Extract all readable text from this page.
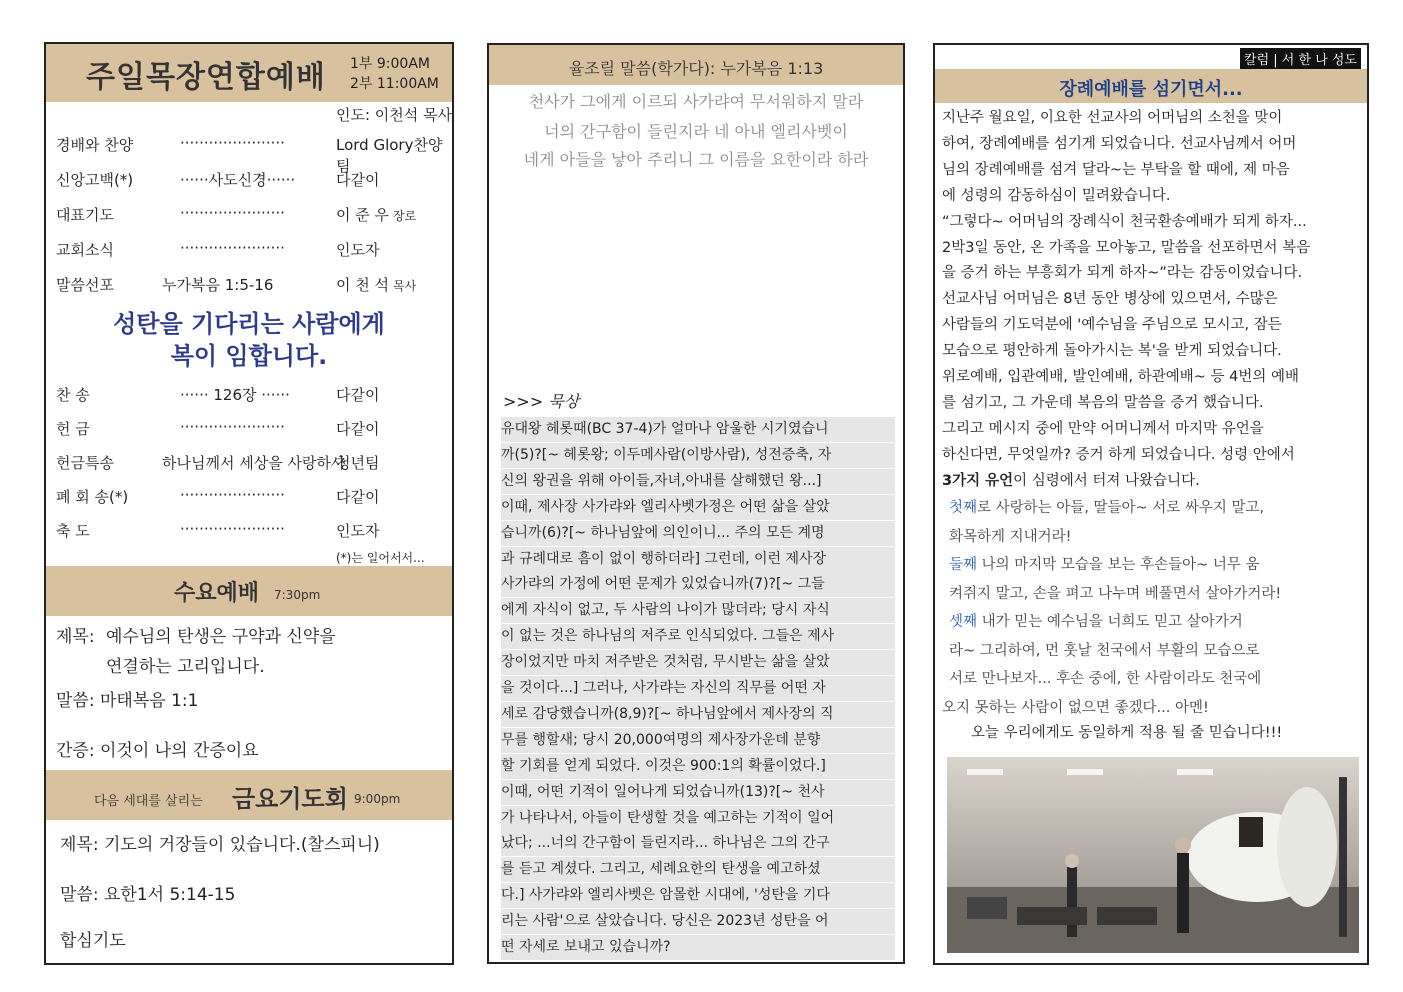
주일목장연합예배 1부 9:00AM
2부 11:00AM
인도: 이천석 목사
경배와 찬양	······················	Lord Glory찬양팀
신앙고백(*)	······사도신경······	다같이
대표기도	······················	이 준 우 장로
교회소식	······················	인도자
말씀선포	누가복음 1:5-16	이 천 석 목사
성탄을 기다리는 사람에게
복이 임합니다.
찬 송	······ 126장 ······	다같이
헌 금	······················	다같이
헌금특송	하나님께서 세상을 사랑하사
청년팀
폐 회 송(*)	······················	다같이
축 도	······················	인도자
(*)는 일어서서...
수요예배 7:30pm
제목: 예수님의 탄생은 구약과 신약을
연결하는 고리입니다.
말씀: 마태복음 1:1
간증: 이것이 나의 간증이요
다음 세대를 살리는 금요기도회 9:00pm
제목: 기도의 거장들이 있습니다.(찰스피니)
말씀: 요한1서 5:14-15
합심기도
율조릴 말씀(학가다): 누가복음 1:13
천사가 그에게 이르되 사가랴여 무서워하지 말라
너의 간구함이 들린지라 네 아내 엘리사벳이
네게 아들을 낳아 주리니 그 이름을 요한이라 하라
>>> 묵상
유대왕 헤롯때(BC 37-4)가 얼마나 암울한 시기였습니
까(5)?[~ 헤롯왕; 이두메사람(이방사람), 성전증축, 자
신의 왕권을 위해 아이들,자녀,아내를 살해했던 왕...]
이때, 제사장 사가랴와 엘리사벳가정은 어떤 삶을 살았
습니까(6)?[~ 하나님앞에 의인이니... 주의 모든 계명
과 규례대로 흠이 없이 행하더라] 그런데, 이런 제사장
사가랴의 가정에 어떤 문제가 있었습니까(7)?[~ 그들
에게 자식이 없고, 두 사람의 나이가 많더라; 당시 자식
이 없는 것은 하나님의 저주로 인식되었다. 그들은 제사
장이었지만 마치 저주받은 것처럼, 무시받는 삶을 살았
을 것이다...] 그러나, 사가랴는 자신의 직무를 어떤 자
세로 감당했습니까(8,9)?[~ 하나님앞에서 제사장의 직
무를 행할새; 당시 20,000여명의 제사장가운데 분향
할 기회를 얻게 되었다. 이것은 900:1의 확률이었다.]
이때, 어떤 기적이 일어나게 되었습니까(13)?[~ 천사
가 나타나서, 아들이 탄생할 것을 예고하는 기적이 일어
났다; ...너의 간구함이 들린지라... 하나님은 그의 간구
를 듣고 계셨다. 그리고, 세례요한의 탄생을 예고하셨
다.] 사가랴와 엘리사벳은 암몰한 시대에, '성탄을 기다
리는 사람'으로 살았습니다. 당신은 2023년 성탄을 어
떤 자세로 보내고 있습니까?
칼럼 | 서 한 나 성도
장례예배를 섬기면서...
지난주 월요일, 이요한 선교사의 어머님의 소천을 맞이
하여, 장례예배를 섬기게 되었습니다. 선교사님께서 어머
님의 장례예배를 섬겨 달라~는 부탁을 할 때에, 제 마음
에 성령의 감동하심이 밀려왔습니다.
“그렇다~ 어머님의 장례식이 천국환송예배가 되게 하자...
2박3일 동안, 온 가족을 모아놓고, 말씀을 선포하면서 복음
을 증거 하는 부흥회가 되게 하자~”라는 감동이었습니다.
선교사님 어머님은 8년 동안 병상에 있으면서, 수많은
사람들의 기도덕분에 '예수님을 주님으로 모시고, 잠든
모습으로 평안하게 돌아가시는 복'을 받게 되었습니다.
위로예배, 입관예배, 발인예배, 하관예배~ 등 4번의 예배
를 섬기고, 그 가운데 복음의 말씀을 증거 했습니다.
그리고 메시지 중에 만약 어머니께서 마지막 유언을
하신다면, 무엇일까? 증거 하게 되었습니다. 성령 안에서
3가지 유언이 심령에서 터져 나왔습니다.
첫째로 사랑하는 아들, 딸들아~ 서로 싸우지 말고,
화목하게 지내거라!
둘째 나의 마지막 모습을 보는 후손들아~ 너무 움
켜쥐지 말고, 손을 펴고 나누며 베풀면서 살아가거라!
셋째 내가 믿는 예수님을 너희도 믿고 살아가거
라~ 그리하여, 먼 훗날 천국에서 부활의 모습으로
서로 만나보자... 후손 중에, 한 사람이라도 천국에
오지 못하는 사람이 없으면 좋겠다... 아멘!
오늘 우리에게도 동일하게 적용 될 줄 믿습니다!!!
